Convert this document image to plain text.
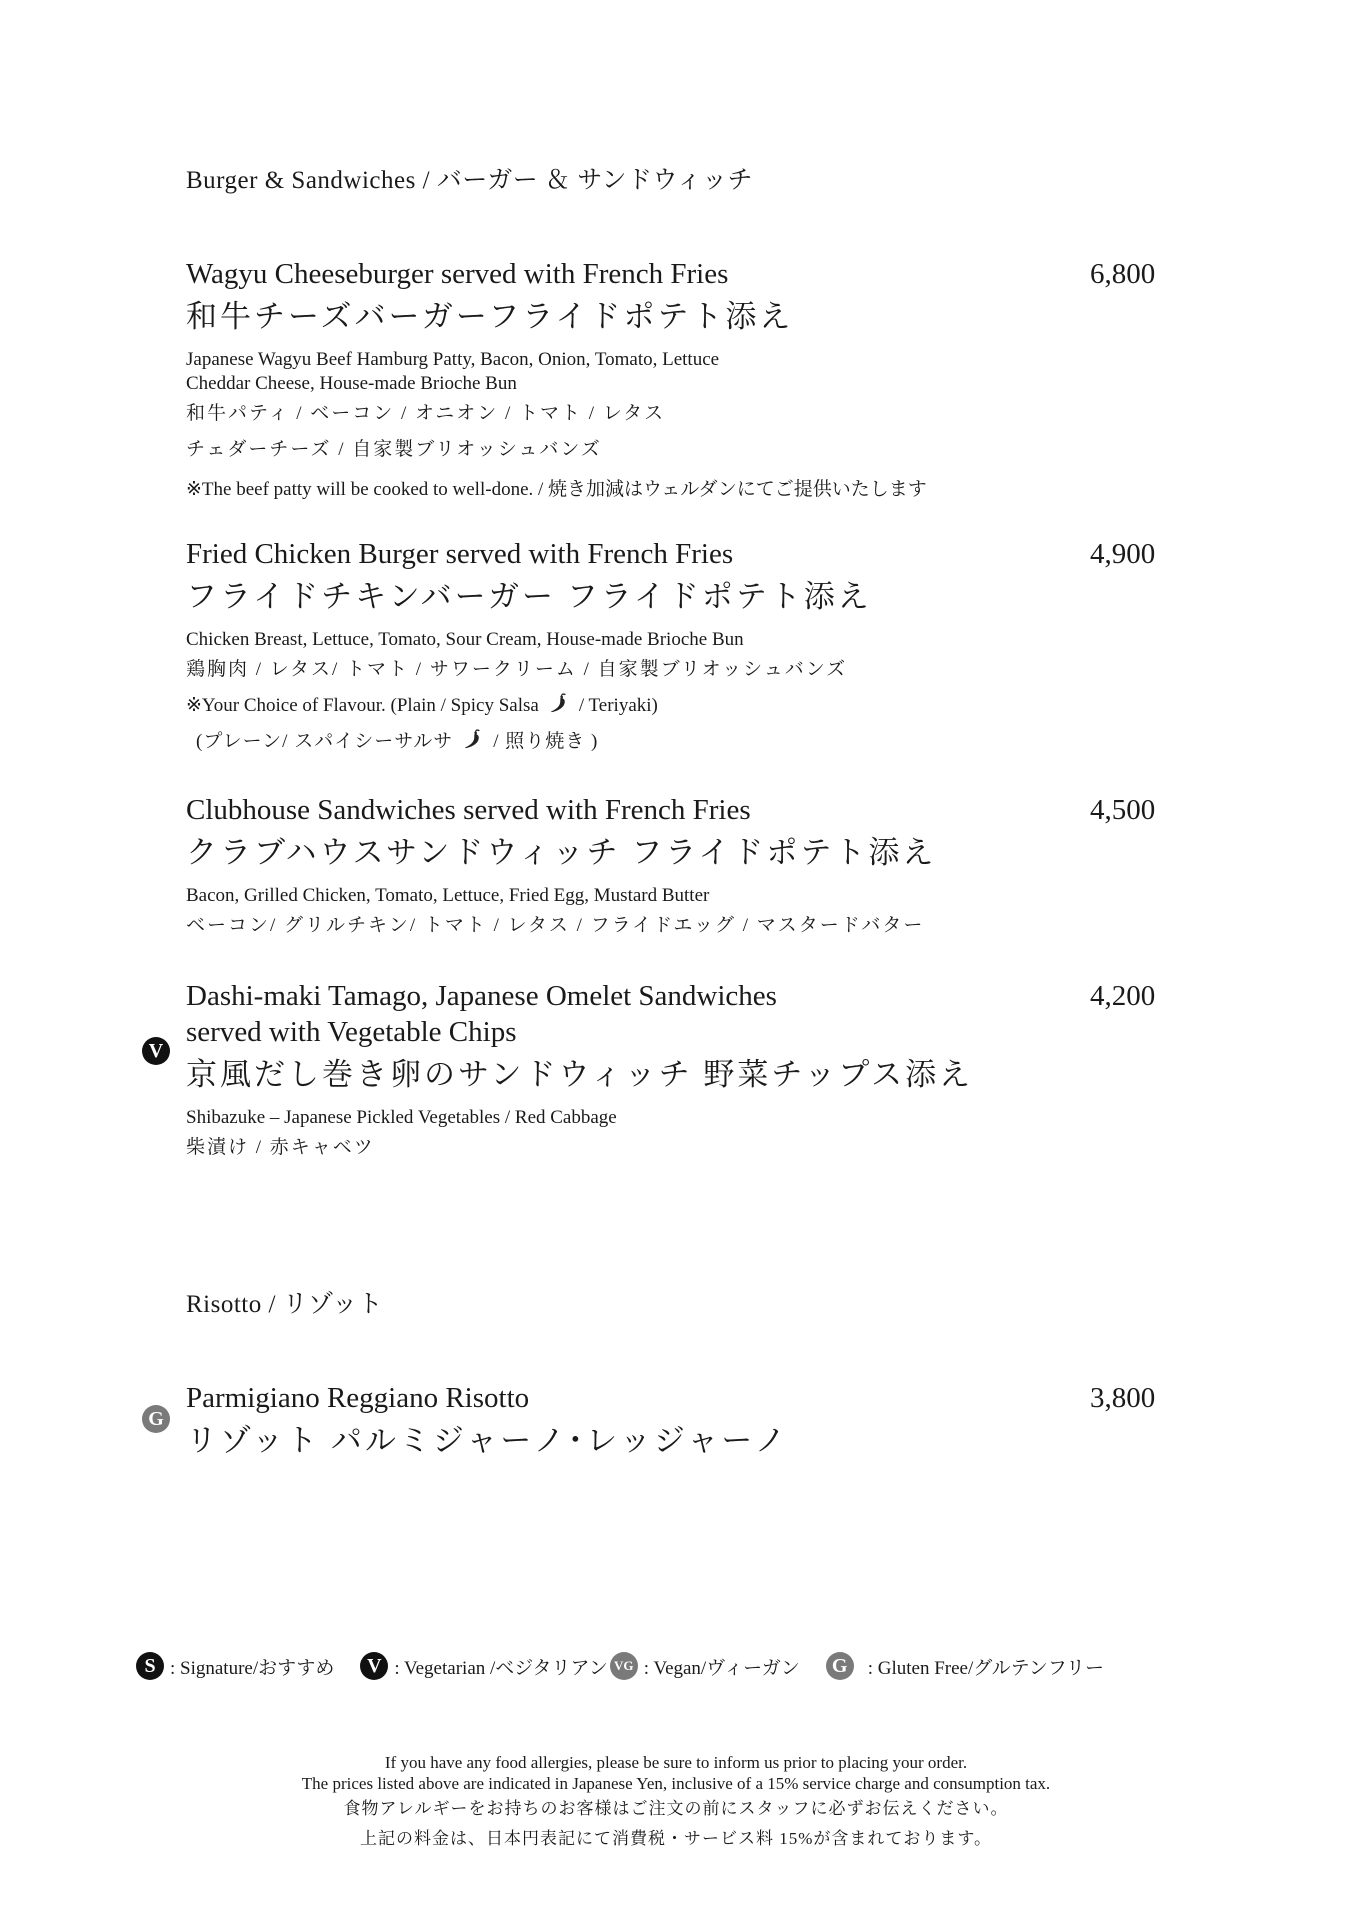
Burger & Sandwiches / バーガー ＆ サンドウィッチ
Wagyu Cheeseburger served with French Fries
和牛チーズバーガーフライドポテト添え
Japanese Wagyu Beef Hamburg Patty, Bacon, Onion, Tomato, Lettuce
Cheddar Cheese, House-made Brioche Bun
和牛パティ / ベーコン / オニオン / トマト / レタス
チェダーチーズ / 自家製ブリオッシュバンズ
※The beef patty will be cooked to well-done. / 焼き加減はウェルダンにてご提供いたします
6,800
Fried Chicken Burger served with French Fries
フライドチキンバーガー フライドポテト添え
Chicken Breast, Lettuce, Tomato, Sour Cream, House-made Brioche Bun
鶏胸肉 / レタス/ トマト / サワークリーム / 自家製ブリオッシュバンズ
※Your Choice of Flavour. (Plain / Spicy Salsa / Teriyaki)
(プレーン/ スパイシーサルサ / 照り焼き )
4,900
Clubhouse Sandwiches served with French Fries
クラブハウスサンドウィッチ フライドポテト添え
Bacon, Grilled Chicken, Tomato, Lettuce, Fried Egg, Mustard Butter
ベーコン/ グリルチキン/ トマト / レタス / フライドエッグ / マスタードバター
4,500
V
Dashi-maki Tamago, Japanese Omelet Sandwiches
served with Vegetable Chips
京風だし巻き卵のサンドウィッチ 野菜チップス添え
Shibazuke – Japanese Pickled Vegetables / Red Cabbage
柴漬け / 赤キャベツ
4,200
Risotto / リゾット
G
Parmigiano Reggiano Risotto
リゾット パルミジャーノ･レッジャーノ
3,800
S : Signature/おすすめ	V : Vegetarian /ベジタリアン VG : Vegan/ヴィーガン	G	: Gluten Free/グルテンフリー
If you have any food allergies, please be sure to inform us prior to placing your order.
The prices listed above are indicated in Japanese Yen, inclusive of a 15% service charge and consumption tax.
食物アレルギーをお持ちのお客様はご注文の前にスタッフに必ずお伝えください。
上記の料金は、日本円表記にて消費税・サービス料 15%が含まれております。
